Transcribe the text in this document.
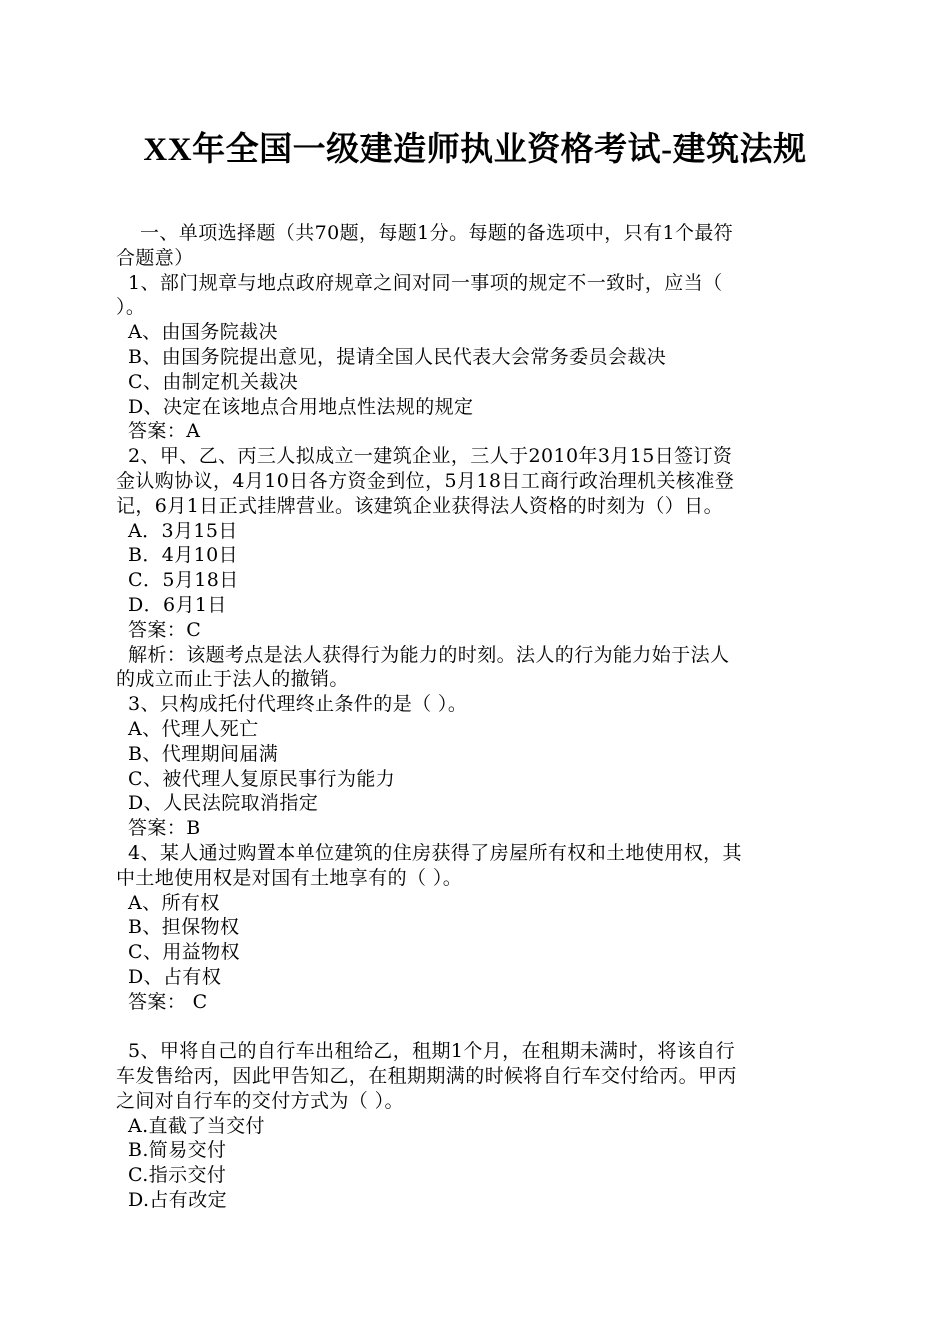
XX年全国一级建造师执业资格考试-建筑法规
一、单项选择题（共70题，每题1分。每题的备选项中，只有1个最符
合题意）
1、部门规章与地点政府规章之间对同一事项的规定不一致时，应当（
）。
A、由国务院裁决
B、由国务院提出意见，提请全国人民代表大会常务委员会裁决
C、由制定机关裁决
D、决定在该地点合用地点性法规的规定
答案：A
2、甲、乙、丙三人拟成立一建筑企业，三人于2010年3月15日签订资
金认购协议，4月10日各方资金到位，5月18日工商行政治理机关核准登
记，6月1日正式挂牌营业。该建筑企业获得法人资格的时刻为（）日。
A．3月15日
B．4月10日
C．5月18日
D．6月1日
答案：C
解析：该题考点是法人获得行为能力的时刻。法人的行为能力始于法人
的成立而止于法人的撤销。
3、只构成托付代理终止条件的是（ ）。
A、代理人死亡
B、代理期间届满
C、被代理人复原民事行为能力
D、人民法院取消指定
答案：B
4、某人通过购置本单位建筑的住房获得了房屋所有权和土地使用权，其
中土地使用权是对国有土地享有的（ ）。
A、所有权
B、担保物权
C、用益物权
D、占有权
答案： C
5、甲将自己的自行车出租给乙，租期1个月，在租期未满时，将该自行
车发售给丙，因此甲告知乙，在租期期满的时候将自行车交付给丙。甲丙
之间对自行车的交付方式为（ ）。
A.直截了当交付
B.简易交付
C.指示交付
D.占有改定
